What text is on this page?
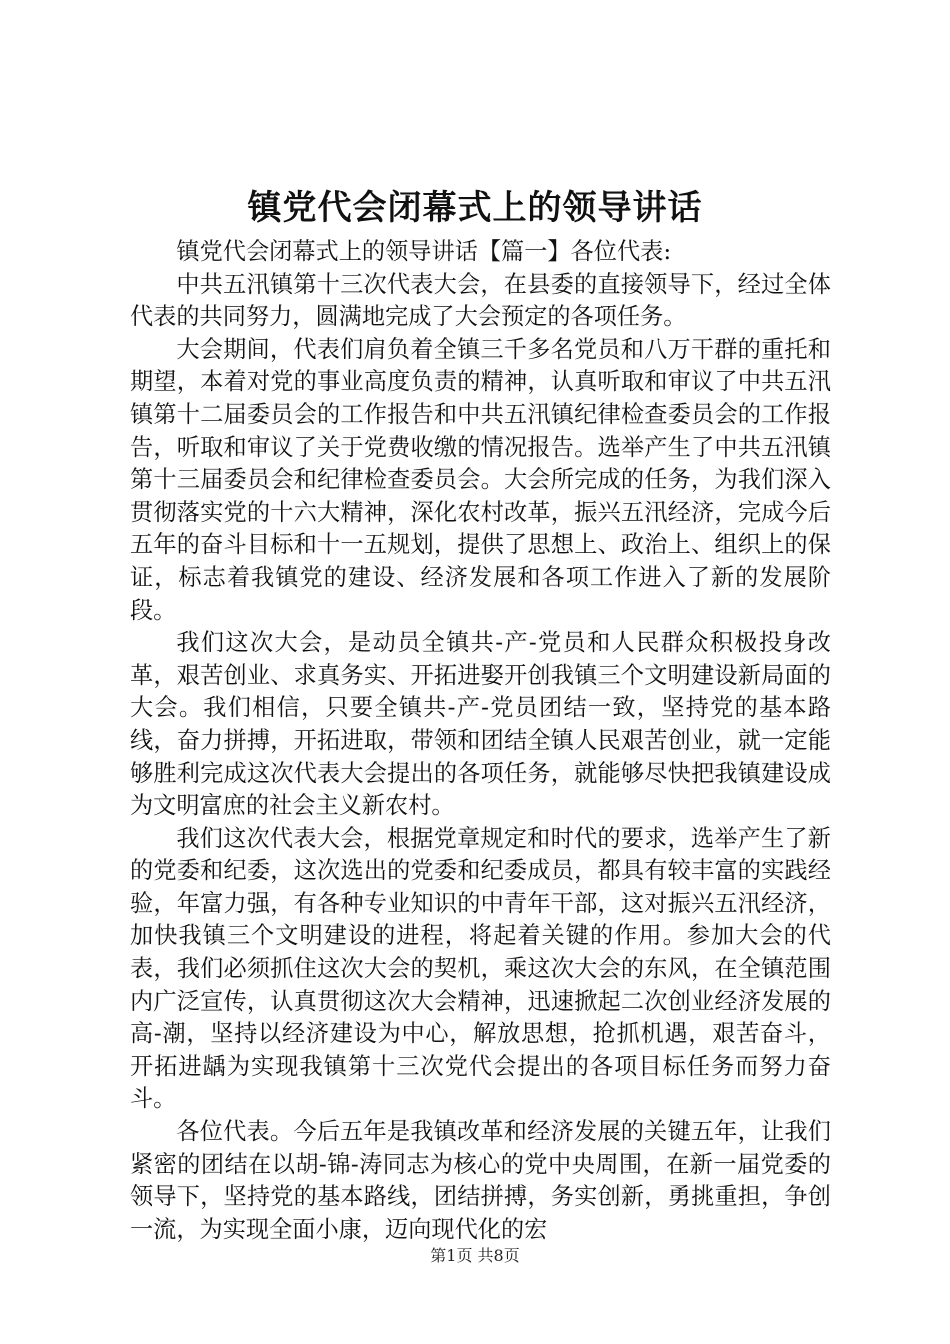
镇党代会闭幕式上的领导讲话

镇党代会闭幕式上的领导讲话【篇一】各位代表:

中共五汛镇第十三次代表大会，在县委的直接领导下，经过全体代表的共同努力，圆满地完成了大会预定的各项任务。

大会期间，代表们肩负着全镇三千多名党员和八万干群的重托和期望，本着对党的事业高度负责的精神，认真听取和审议了中共五汛镇第十二届委员会的工作报告和中共五汛镇纪律检查委员会的工作报告，听取和审议了关于党费收缴的情况报告。选举产生了中共五汛镇第十三届委员会和纪律检查委员会。大会所完成的任务，为我们深入贯彻落实党的十六大精神，深化农村改革，振兴五汛经济，完成今后五年的奋斗目标和十一五规划，提供了思想上、政治上、组织上的保证，标志着我镇党的建设、经济发展和各项工作进入了新的发展阶段。

我们这次大会，是动员全镇共-产-党员和人民群众积极投身改革，艰苦创业、求真务实、开拓进娶开创我镇三个文明建设新局面的大会。我们相信，只要全镇共-产-党员团结一致，坚持党的基本路线，奋力拼搏，开拓进取，带领和团结全镇人民艰苦创业，就一定能够胜利完成这次代表大会提出的各项任务，就能够尽快把我镇建设成为文明富庶的社会主义新农村。

我们这次代表大会，根据党章规定和时代的要求，选举产生了新的党委和纪委，这次选出的党委和纪委成员，都具有较丰富的实践经验，年富力强，有各种专业知识的中青年干部，这对振兴五汛经济，加快我镇三个文明建设的进程，将起着关键的作用。参加大会的代表，我们必须抓住这次大会的契机，乘这次大会的东风，在全镇范围内广泛宣传，认真贯彻这次大会精神，迅速掀起二次创业经济发展的高-潮，坚持以经济建设为中心，解放思想，抢抓机遇，艰苦奋斗，开拓进龋为实现我镇第十三次党代会提出的各项目标任务而努力奋斗。

各位代表。今后五年是我镇改革和经济发展的关键五年，让我们紧密的团结在以胡-锦-涛同志为核心的党中央周围，在新一届党委的领导下，坚持党的基本路线，团结拼搏，务实创新，勇挑重担，争创一流，为实现全面小康，迈向现代化的宏

第1页 共8页
